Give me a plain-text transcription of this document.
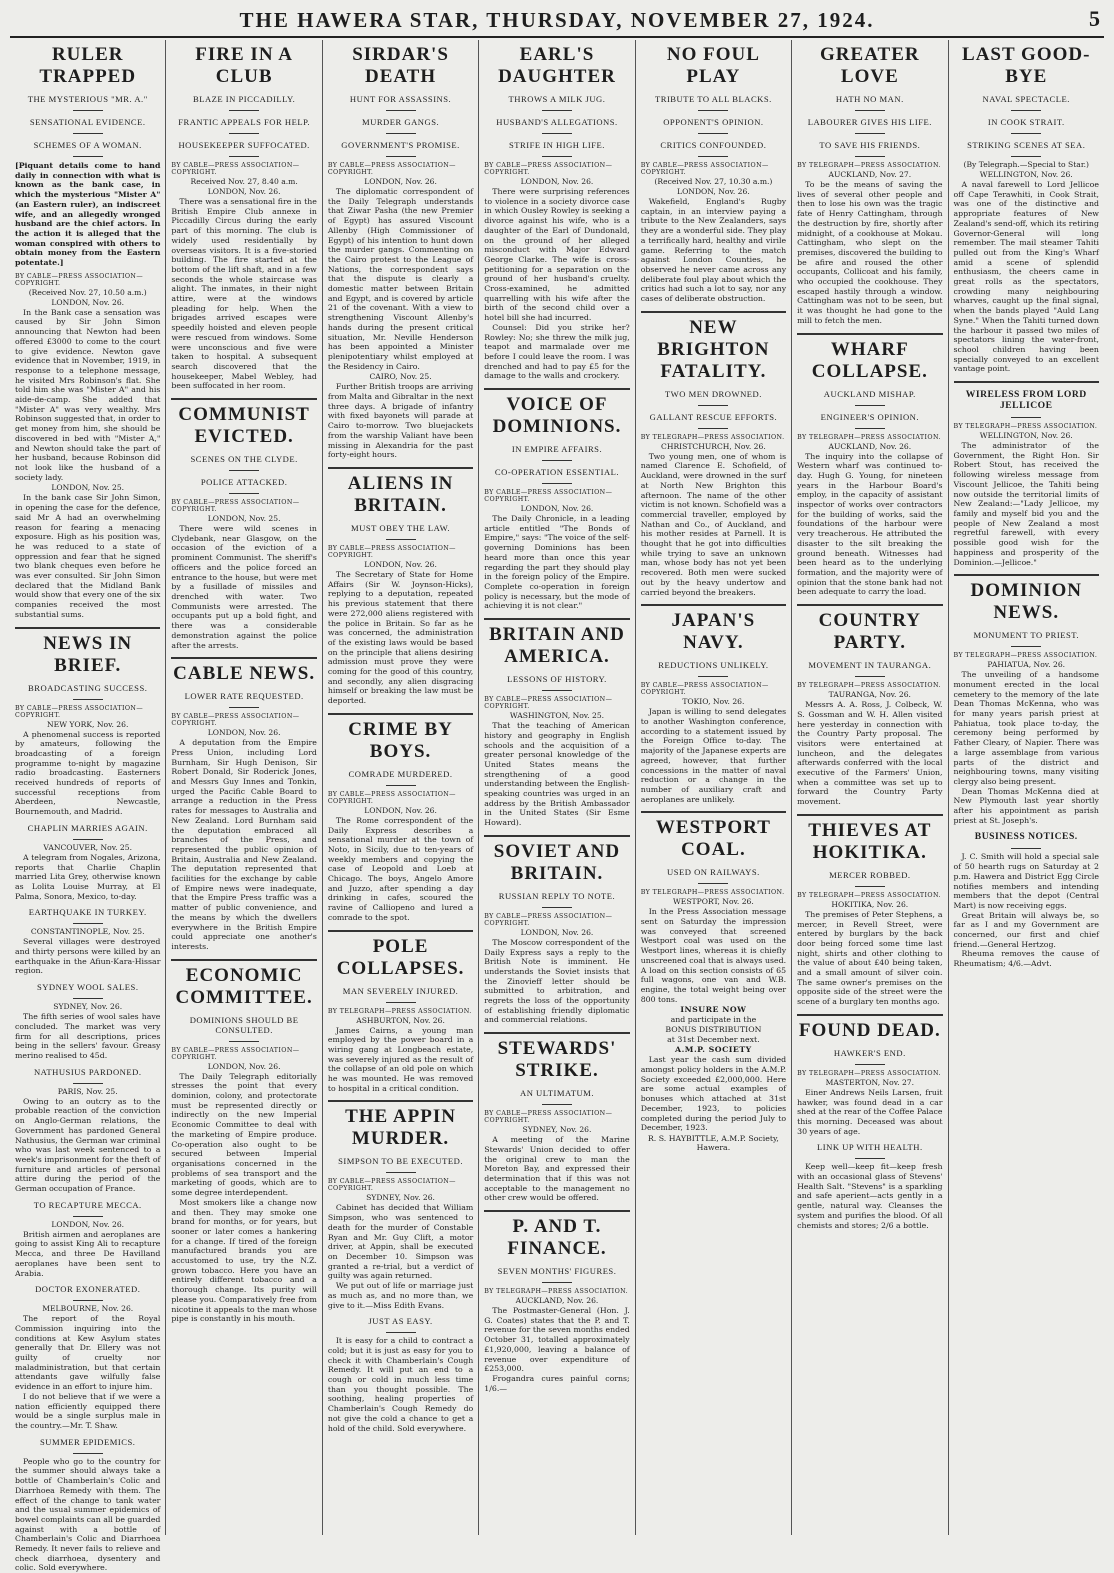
THE HAWERA STAR, THURSDAY, NOVEMBER 27, 1924.	5
RULER TRAPPED
THE MYSTERIOUS "MR. A."
SENSATIONAL EVIDENCE.
SCHEMES OF A WOMAN.

[Piquant details come to hand daily in connection with what is known as the bank case, in which the mysterious "Mister A" (an Eastern ruler), an indiscreet wife, and an allegedly wronged husband are the chief actors. In the action it is alleged that the woman conspired with others to obtain money from the Eastern potentate.]

BY CABLE—PRESS ASSOCIATION—COPYRIGHT.
(Received Nov. 27, 10.50 a.m.)
LONDON, Nov. 26.

In the Bank case a sensation was caused by Sir John Simon announcing that Newton had been offered £3000 to come to the court to give evidence. Newton gave evidence that in November, 1919, in response to a telephone message, he visited Mrs Robinson's flat. She told him she was "Mister A" and his aide-de-camp. She added that "Mister A" was very wealthy. Mrs Robinson suggested that, in order to get money from him, she should be discovered in bed with "Mister A," and Newton should take the part of her husband, because Robinson did not look like the husband of a society lady.

LONDON, Nov. 25.

In the bank case Sir John Simon, in opening the case for the defence, said Mr A had an overwhelming reason for fearing a menacing exposure. High as his position was, he was reduced to a state of oppression and fear that he signed two blank cheques even before he was ever consulted. Sir John Simon declared that the Midland Bank would show that every one of the six companies received the most substantial sums.

NEWS IN BRIEF.
BROADCASTING SUCCESS.
BY CABLE—PRESS ASSOCIATION—COPYRIGHT.
NEW YORK, Nov. 26.

A phenomenal success is reported by amateurs, following the broadcasting of a foreign programme to-night by magazine radio broadcasting. Easterners received hundreds of reports of successful receptions from Aberdeen, Newcastle, Bournemouth, and Madrid.

CHAPLIN MARRIES AGAIN.
VANCOUVER, Nov. 25.

A telegram from Nogales, Arizona, reports that Charlie Chaplin married Lita Grey, otherwise known as Lolita Louise Murray, at El Palma, Sonora, Mexico, to-day.

EARTHQUAKE IN TURKEY.
CONSTANTINOPLE, Nov. 25.

Several villages were destroyed and thirty persons were killed by an earthquake in the Afiun-Kara-Hissar region.

SYDNEY WOOL SALES.
SYDNEY, Nov. 26.

The fifth series of wool sales have concluded. The market was very firm for all descriptions, prices being in the sellers' favour. Greasy merino realised to 45d.

NATHUSIUS PARDONED.
PARIS, Nov. 25.

Owing to an outcry as to the probable reaction of the conviction on Anglo-German relations, the Government has pardoned General Nathusius, the German war criminal who was last week sentenced to a week's imprisonment for the theft of furniture and articles of personal attire during the period of the German occupation of France.

TO RECAPTURE MECCA.
LONDON, Nov. 26.

British airmen and aeroplanes are going to assist King Ali to recapture Mecca, and three De Havilland aeroplanes have been sent to Arabia.

DOCTOR EXONERATED.
MELBOURNE, Nov. 26.

The report of the Royal Commission inquiring into the conditions at Kew Asylum states generally that Dr. Ellery was not guilty of cruelty nor maladministration, but that certain attendants gave wilfully false evidence in an effort to injure him.

I do not believe that if we were a nation efficiently equipped there would be a single surplus male in the country.—Mr. T. Shaw.

SUMMER EPIDEMICS.

People who go to the country for the summer should always take a bottle of Chamberlain's Colic and Diarrhoea Remedy with them. The effect of the change to tank water and the usual summer epidemics of bowel complaints can all be guarded against with a bottle of Chamberlain's Colic and Diarrhoea Remedy. It never fails to relieve and check diarrhoea, dysentery and colic. Sold everywhere.

FIRE IN A CLUB
BLAZE IN PICCADILLY.
FRANTIC APPEALS FOR HELP.
HOUSEKEEPER SUFFOCATED.
BY CABLE—PRESS ASSOCIATION—COPYRIGHT.
Received Nov. 27, 8.40 a.m.
LONDON, Nov. 26.

There was a sensational fire in the British Empire Club annexe in Piccadilly Circus during the early part of this morning. The club is widely used residentially by overseas visitors. It is a five-storied building. The fire started at the bottom of the lift shaft, and in a few seconds the whole staircase was alight. The inmates, in their night attire, were at the windows pleading for help. When the brigades arrived escapes were speedily hoisted and eleven people were rescued from windows. Some were unconscious and five were taken to hospital. A subsequent search discovered that the housekeeper, Mabel Webley, had been suffocated in her room.

COMMUNIST EVICTED.
SCENES ON THE CLYDE.
POLICE ATTACKED.
BY CABLE—PRESS ASSOCIATION—COPYRIGHT.
LONDON, Nov. 25.

There were wild scenes in Clydebank, near Glasgow, on the occasion of the eviction of a prominent Communist. The sheriff's officers and the police forced an entrance to the house, but were met by a fusillade of missiles and drenched with water. Two Communists were arrested. The occupants put up a bold fight, and there was a considerable demonstration against the police after the arrests.

CABLE NEWS.
LOWER RATE REQUESTED.
BY CABLE—PRESS ASSOCIATION—COPYRIGHT.
LONDON, Nov. 26.

A deputation from the Empire Press Union, including Lord Burnham, Sir Hugh Denison, Sir Robert Donald, Sir Roderick Jones, and Messrs Guy Innes and Tonkin, urged the Pacific Cable Board to arrange a reduction in the Press rates for messages to Australia and New Zealand. Lord Burnham said the deputation embraced all branches of the Press, and represented the public opinion of Britain, Australia and New Zealand. The deputation represented that facilities for the exchange by cable of Empire news were inadequate, that the Empire Press traffic was a matter of public convenience, and the means by which the dwellers everywhere in the British Empire could appreciate one another's interests.

ECONOMIC COMMITTEE.
DOMINIONS SHOULD BE CONSULTED.
BY CABLE—PRESS ASSOCIATION—COPYRIGHT.
LONDON, Nov. 26.

The Daily Telegraph editorially stresses the point that every dominion, colony, and protectorate must be represented directly or indirectly on the new Imperial Economic Committee to deal with the marketing of Empire produce. Co-operation also ought to be secured between Imperial organisations concerned in the problems of sea transport and the marketing of goods, which are to some degree interdependent.

Most smokers like a change now and then. They may smoke one brand for months, or for years, but sooner or later comes a hankering for a change. If tired of the foreign manufactured brands you are accustomed to use, try the N.Z. grown tobacco. Here you have an entirely different tobacco and a thorough change. Its purity will please you. Comparatively free from nicotine it appeals to the man whose pipe is constantly in his mouth.

SIRDAR'S DEATH
HUNT FOR ASSASSINS.
MURDER GANGS.
GOVERNMENT'S PROMISE.
BY CABLE—PRESS ASSOCIATION—COPYRIGHT.
LONDON, Nov. 26.

The diplomatic correspondent of the Daily Telegraph understands that Ziwar Pasha (the new Premier of Egypt) has assured Viscount Allenby (High Commissioner of Egypt) of his intention to hunt down the murder gangs. Commenting on the Cairo protest to the League of Nations, the correspondent says that the dispute is clearly a domestic matter between Britain and Egypt, and is covered by article 21 of the covenant. With a view to strengthening Viscount Allenby's hands during the present critical situation, Mr. Neville Henderson has been appointed a Minister plenipotentiary whilst employed at the Residency in Cairo.

CAIRO, Nov. 25.

Further British troops are arriving from Malta and Gibraltar in the next three days. A brigade of infantry with fixed bayonets will parade at Cairo to-morrow. Two bluejackets from the warship Valiant have been missing in Alexandria for the past forty-eight hours.

ALIENS IN BRITAIN.
MUST OBEY THE LAW.
BY CABLE—PRESS ASSOCIATION—COPYRIGHT.
LONDON, Nov. 26.

The Secretary of State for Home Affairs (Sir W. Joynson-Hicks), replying to a deputation, repeated his previous statement that there were 272,000 aliens registered with the police in Britain. So far as he was concerned, the administration of the existing laws would be based on the principle that aliens desiring admission must prove they were coming for the good of this country, and secondly, any alien disgracing himself or breaking the law must be deported.

CRIME BY BOYS.
COMRADE MURDERED.
BY CABLE—PRESS ASSOCIATION—COPYRIGHT.
LONDON, Nov. 26.

The Rome correspondent of the Daily Express describes a sensational murder at the town of Noto, in Sicily, due to ten-years of weekly members and copying the case of Leopold and Loeb at Chicago. The boys, Angelo Amore and Juzzo, after spending a day drinking in cafes, scoured the ravine of Calliopeno and lured a comrade to the spot.

POLE COLLAPSES.
MAN SEVERELY INJURED.
BY TELEGRAPH—PRESS ASSOCIATION.
ASHBURTON, Nov. 26.

James Cairns, a young man employed by the power board in a wiring gang at Longbeach estate, was severely injured as the result of the collapse of an old pole on which he was mounted. He was removed to hospital in a critical condition.

THE APPIN MURDER.
SIMPSON TO BE EXECUTED.
BY CABLE—PRESS ASSOCIATION—COPYRIGHT.
SYDNEY, Nov. 26.

Cabinet has decided that William Simpson, who was sentenced to death for the murder of Constable Ryan and Mr. Guy Clift, a motor driver, at Appin, shall be executed on December 10. Simpson was granted a re-trial, but a verdict of guilty was again returned.

We put out of life or marriage just as much as, and no more than, we give to it.—Miss Edith Evans.

JUST AS EASY.

It is easy for a child to contract a cold; but it is just as easy for you to check it with Chamberlain's Cough Remedy. It will put an end to a cough or cold in much less time than you thought possible. The soothing, healing properties of Chamberlain's Cough Remedy do not give the cold a chance to get a hold of the child. Sold everywhere.

EARL'S DAUGHTER
THROWS A MILK JUG.
HUSBAND'S ALLEGATIONS.
STRIFE IN HIGH LIFE.
BY CABLE—PRESS ASSOCIATION—COPYRIGHT.
LONDON, Nov. 26.

There were surprising references to violence in a society divorce case in which Ousley Rowley is seeking a divorce against his wife, who is a daughter of the Earl of Dundonald, on the ground of her alleged misconduct with Major Edward George Clarke. The wife is cross-petitioning for a separation on the ground of her husband's cruelty. Cross-examined, he admitted quarrelling with his wife after the birth of the second child over a hotel bill she had incurred.

Counsel: Did you strike her? Rowley: No; she threw the milk jug, teapot and marmalade over me before I could leave the room. I was drenched and had to pay £5 for the damage to the walls and crockery.

VOICE OF DOMINIONS.
IN EMPIRE AFFAIRS.
CO-OPERATION ESSENTIAL.
BY CABLE—PRESS ASSOCIATION—COPYRIGHT.
LONDON, Nov. 26.

The Daily Chronicle, in a leading article entitled "The Bonds of Empire," says: "The voice of the self-governing Dominions has been heard more than once this year regarding the part they should play in the foreign policy of the Empire. Complete co-operation in foreign policy is necessary, but the mode of achieving it is not clear."

BRITAIN AND AMERICA.
LESSONS OF HISTORY.
BY CABLE—PRESS ASSOCIATION—COPYRIGHT.
WASHINGTON, Nov. 25.

That the teaching of American history and geography in English schools and the acquisition of a greater personal knowledge of the United States means the strengthening of a good understanding between the English-speaking countries was urged in an address by the British Ambassador in the United States (Sir Esme Howard).

SOVIET AND BRITAIN.
RUSSIAN REPLY TO NOTE.
BY CABLE—PRESS ASSOCIATION—COPYRIGHT.
LONDON, Nov. 26.

The Moscow correspondent of the Daily Express says a reply to the British Note is imminent. He understands the Soviet insists that the Zinovieff letter should be submitted to arbitration, and regrets the loss of the opportunity of establishing friendly diplomatic and commercial relations.

STEWARDS' STRIKE.
AN ULTIMATUM.
BY CABLE—PRESS ASSOCIATION—COPYRIGHT.
SYDNEY, Nov. 26.

A meeting of the Marine Stewards' Union decided to offer the original crew to man the Moreton Bay, and expressed their determination that if this was not acceptable to the management no other crew would be offered.

P. AND T. FINANCE.
SEVEN MONTHS' FIGURES.
BY TELEGRAPH—PRESS ASSOCIATION.
AUCKLAND, Nov. 26.

The Postmaster-General (Hon. J. G. Coates) states that the P. and T. revenue for the seven months ended October 31, totalled approximately £1,920,000, leaving a balance of revenue over expenditure of £253,000.

Frogandra cures painful corns; 1/6.—

NO FOUL PLAY
TRIBUTE TO ALL BLACKS.
OPPONENT'S OPINION.
CRITICS CONFOUNDED.
BY CABLE—PRESS ASSOCIATION—COPYRIGHT.
(Received Nov. 27, 10.30 a.m.)
LONDON, Nov. 26.

Wakefield, England's Rugby captain, in an interview paying a tribute to the New Zealanders, says they are a wonderful side. They play a terrifically hard, healthy and virile game. Referring to the match against London Counties, he observed he never came across any deliberate foul play about which the critics had such a lot to say, nor any cases of deliberate obstruction.

NEW BRIGHTON FATALITY.
TWO MEN DROWNED.
GALLANT RESCUE EFFORTS.
BY TELEGRAPH—PRESS ASSOCIATION.
CHRISTCHURCH, Nov. 26.

Two young men, one of whom is named Clarence E. Schofield, of Auckland, were drowned in the surf at North New Brighton this afternoon. The name of the other victim is not known. Schofield was a commercial traveller, employed by Nathan and Co., of Auckland, and his mother resides at Parnell. It is thought that he got into difficulties while trying to save an unknown man, whose body has not yet been recovered. Both men were sucked out by the heavy undertow and carried beyond the breakers.

JAPAN'S NAVY.
REDUCTIONS UNLIKELY.
BY CABLE—PRESS ASSOCIATION—COPYRIGHT.
TOKIO, Nov. 26.

Japan is willing to send delegates to another Washington conference, according to a statement issued by the Foreign Office to-day. The majority of the Japanese experts are agreed, however, that further concessions in the matter of naval reduction or a change in the number of auxiliary craft and aeroplanes are unlikely.

WESTPORT COAL.
USED ON RAILWAYS.
BY TELEGRAPH—PRESS ASSOCIATION.
WESTPORT, Nov. 26.

In the Press Association message sent on Saturday the impression was conveyed that screened Westport coal was used on the Westport lines, whereas it is chiefly unscreened coal that is always used. A load on this section consists of 65 full wagons, one van and W.B. engine, the total weight being over 800 tons.

INSURE NOW
and participate in the
BONUS DISTRIBUTION
at 31st December next.
A.M.P. SOCIETY

Last year the cash sum divided amongst policy holders in the A.M.P. Society exceeded £2,000,000. Here are some actual examples of bonuses which attached at 31st December, 1923, to policies completed during the period July to December, 1923.

R. S. HAYBITTLE, A.M.P. Society, Hawera.
GREATER LOVE
HATH NO MAN.
LABOURER GIVES HIS LIFE.
TO SAVE HIS FRIENDS.
BY TELEGRAPH—PRESS ASSOCIATION.
AUCKLAND, Nov. 27.

To be the means of saving the lives of several other people and then to lose his own was the tragic fate of Henry Cattingham, through the destruction by fire, shortly after midnight, of a cookhouse at Mokau. Cattingham, who slept on the premises, discovered the building to be afire and roused the other occupants, Collicoat and his family, who occupied the cookhouse. They escaped hastily through a window. Cattingham was not to be seen, but it was thought he had gone to the mill to fetch the men.

WHARF COLLAPSE.
AUCKLAND MISHAP.
ENGINEER'S OPINION.
BY TELEGRAPH—PRESS ASSOCIATION.
AUCKLAND, Nov. 26.

The inquiry into the collapse of Western wharf was continued to-day. Hugh G. Young, for nineteen years in the Harbour Board's employ, in the capacity of assistant inspector of works over contractors for the building of works, said the foundations of the harbour were very treacherous. He attributed the disaster to the silt breaking the ground beneath. Witnesses had been heard as to the underlying formation, and the majority were of opinion that the stone bank had not been adequate to carry the load.

COUNTRY PARTY.
MOVEMENT IN TAURANGA.
BY TELEGRAPH—PRESS ASSOCIATION.
TAURANGA, Nov. 26.

Messrs A. A. Ross, J. Colbeck, W. S. Gossman and W. H. Allen visited here yesterday in connection with the Country Party proposal. The visitors were entertained at luncheon, and the delegates afterwards conferred with the local executive of the Farmers' Union, when a committee was set up to forward the Country Party movement.

THIEVES AT HOKITIKA.
MERCER ROBBED.
BY TELEGRAPH—PRESS ASSOCIATION.
HOKITIKA, Nov. 26.

The premises of Peter Stephens, a mercer, in Revell Street, were entered by burglars by the back door being forced some time last night, shirts and other clothing to the value of about £40 being taken, and a small amount of silver coin. The same owner's premises on the opposite side of the street were the scene of a burglary ten months ago.

FOUND DEAD.
HAWKER'S END.
BY TELEGRAPH—PRESS ASSOCIATION.
MASTERTON, Nov. 27.

Einer Andrews Neils Larsen, fruit hawker, was found dead in a car shed at the rear of the Coffee Palace this morning. Deceased was about 30 years of age.

LINK UP WITH HEALTH.

Keep well—keep fit—keep fresh with an occasional glass of Stevens' Health Salt. "Stevens" is a sparkling and safe aperient—acts gently in a gentle, natural way. Cleanses the system and purifies the blood. Of all chemists and stores; 2/6 a bottle.

LAST GOOD-BYE
NAVAL SPECTACLE.
IN COOK STRAIT.
STRIKING SCENES AT SEA.
(By Telegraph.—Special to Star.)
WELLINGTON, Nov. 26.

A naval farewell to Lord Jellicoe off Cape Terawhiti, in Cook Strait, was one of the distinctive and appropriate features of New Zealand's send-off, which its retiring Governor-General will long remember. The mail steamer Tahiti pulled out from the King's Wharf amid a scene of splendid enthusiasm, the cheers came in great rolls as the spectators, crowding many neighbouring wharves, caught up the final signal, when the bands played "Auld Lang Syne." When the Tahiti turned down the harbour it passed two miles of spectators lining the water-front, school children having been specially conveyed to an excellent vantage point.

WIRELESS FROM LORD JELLICOE
BY TELEGRAPH—PRESS ASSOCIATION.
WELLINGTON, Nov. 26.

The administrator of the Government, the Right Hon. Sir Robert Stout, has received the following wireless message from Viscount Jellicoe, the Tahiti being now outside the territorial limits of New Zealand:—"Lady Jellicoe, my family and myself bid you and the people of New Zealand a most regretful farewell, with every possible good wish for the happiness and prosperity of the Dominion.—Jellicoe."

DOMINION NEWS.
MONUMENT TO PRIEST.
BY TELEGRAPH—PRESS ASSOCIATION.
PAHIATUA, Nov. 26.

The unveiling of a handsome monument erected in the local cemetery to the memory of the late Dean Thomas McKenna, who was for many years parish priest at Pahiatua, took place to-day, the ceremony being performed by Father Cleary, of Napier. There was a large assemblage from various parts of the district and neighbouring towns, many visiting clergy also being present.

Dean Thomas McKenna died at New Plymouth last year shortly after his appointment as parish priest at St. Joseph's.

BUSINESS NOTICES.

J. C. Smith will hold a special sale of 50 hearth rugs on Saturday at 2 p.m. Hawera and District Egg Circle notifies members and intending members that the depot (Central Mart) is now receiving eggs.

Great Britain will always be, so far as I and my Government are concerned, our first and chief friend.—General Hertzog.

Rheuma removes the cause of Rheumatism; 4/6.—Advt.
